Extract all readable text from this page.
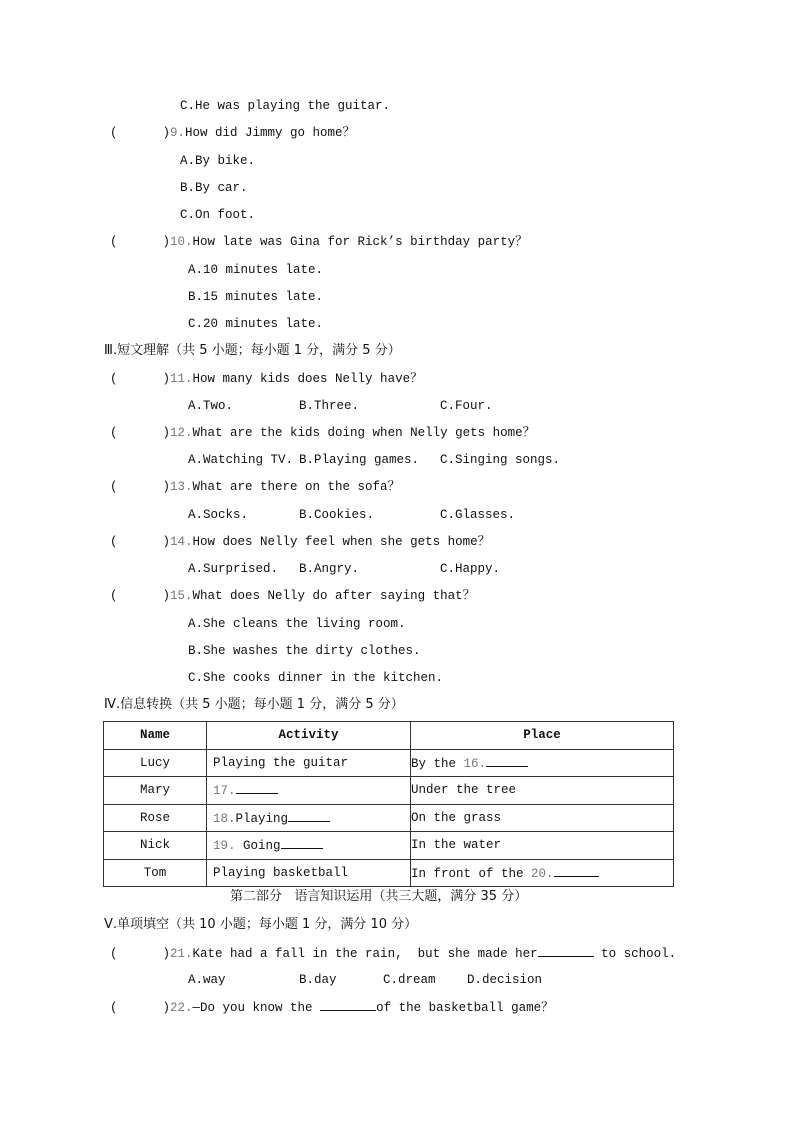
C.He was playing the guitar.
(      )9.How did Jimmy go home？
A.By bike.
B.By car.
C.On foot.
(      )10.How late was Gina for Rick’s birthday party？
A.10 minutes late.
B.15 minutes late.
C.20 minutes late.
Ⅲ.短文理解（共 5 小题；每小题 1 分，满分 5 分）
(      )11.How many kids does Nelly have？
A.Two.	B.Three.	C.Four.
(      )12.What are the kids doing when Nelly gets home？
A.Watching TV. B.Playing games. C.Singing songs.
(      )13.What are there on the sofa？
A.Socks.	B.Cookies.	C.Glasses.
(      )14.How does Nelly feel when she gets home？
A.Surprised. B.Angry.	C.Happy.
(      )15.What does Nelly do after saying that？
A.She cleans the living room.
B.She washes the dirty clothes.
C.She cooks dinner in the kitchen.
Ⅳ.信息转换（共 5 小题；每小题 1 分，满分 5 分）
Name	Activity	Place
Lucy	Playing the guitar	By the 16.
Mary	17.	Under the tree
Rose	18.Playing	On the grass
Nick	19. Going	In the water
Tom	Playing basketball	In front of the 20.
第二部分   语言知识运用（共三大题，满分 35 分）
Ⅴ.单项填空（共 10 小题；每小题 1 分，满分 10 分）
(      )21.Kate had a fall in the rain,  but she made her	to school.
A.way	B.day	C.dream	D.decision
(      )22.—Do you know the	of the basketball game？
